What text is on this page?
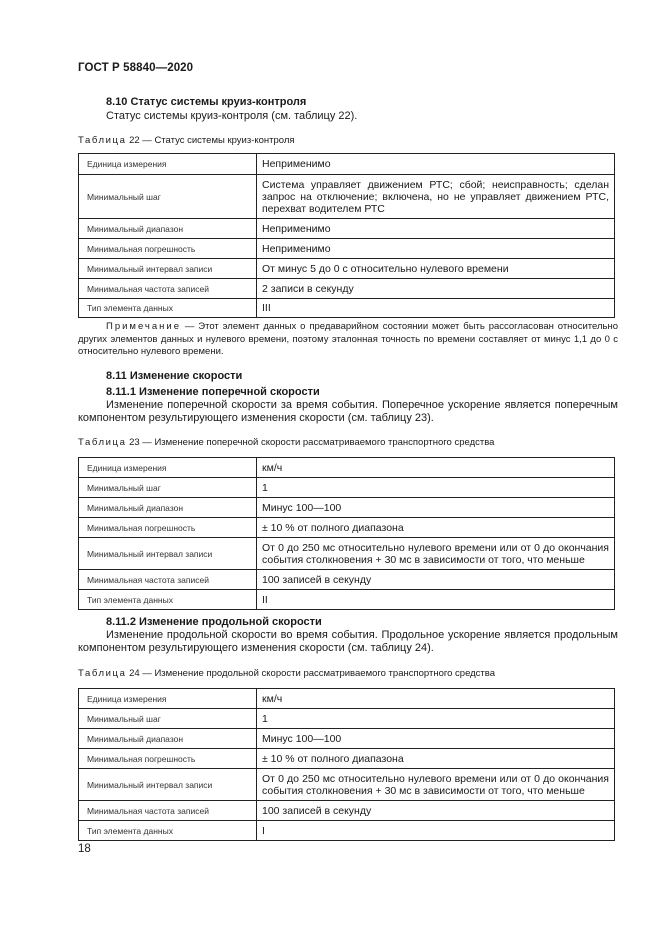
ГОСТ Р 58840—2020
8.10 Статус системы круиз-контроля
Статус системы круиз-контроля (см. таблицу 22).
Таблица 22 — Статус системы круиз-контроля
Единица измерения	Неприменимо
Минимальный шаг	Система управляет движением РТС; сбой; неисправность; сделан запрос на отключение; включена, но не управляет движением РТС, перехват водителем РТС
Минимальный диапазон	Неприменимо
Минимальная погрешность	Неприменимо
Минимальный интервал записи	От минус 5 до 0 с относительно нулевого времени
Минимальная частота записей	2 записи в секунду
Тип элемента данных	III
Примечание — Этот элемент данных о предаварийном состоянии может быть рассогласован относительно других элементов данных и нулевого времени, поэтому эталонная точность по времени составляет от минус 1,1 до 0 с относительно нулевого времени.
8.11 Изменение скорости
8.11.1 Изменение поперечной скорости
Изменение поперечной скорости за время события. Поперечное ускорение является поперечным компонентом результирующего изменения скорости (см. таблицу 23).
Таблица 23 — Изменение поперечной скорости рассматриваемого транспортного средства
Единица измерения	км/ч
Минимальный шаг	1
Минимальный диапазон	Минус 100—100
Минимальная погрешность	± 10 % от полного диапазона
Минимальный интервал записи	От 0 до 250 мс относительно нулевого времени или от 0 до окончания события столкновения + 30 мс в зависимости от того, что меньше
Минимальная частота записей	100 записей в секунду
Тип элемента данных	II
8.11.2 Изменение продольной скорости
Изменение продольной скорости во время события. Продольное ускорение является продольным компонентом результирующего изменения скорости (см. таблицу 24).
Таблица 24 — Изменение продольной скорости рассматриваемого транспортного средства
Единица измерения	км/ч
Минимальный шаг	1
Минимальный диапазон	Минус 100—100
Минимальная погрешность	± 10 % от полного диапазона
Минимальный интервал записи	От 0 до 250 мс относительно нулевого времени или от 0 до окончания события столкновения + 30 мс в зависимости от того, что меньше
Минимальная частота записей	100 записей в секунду
Тип элемента данных	I
18
